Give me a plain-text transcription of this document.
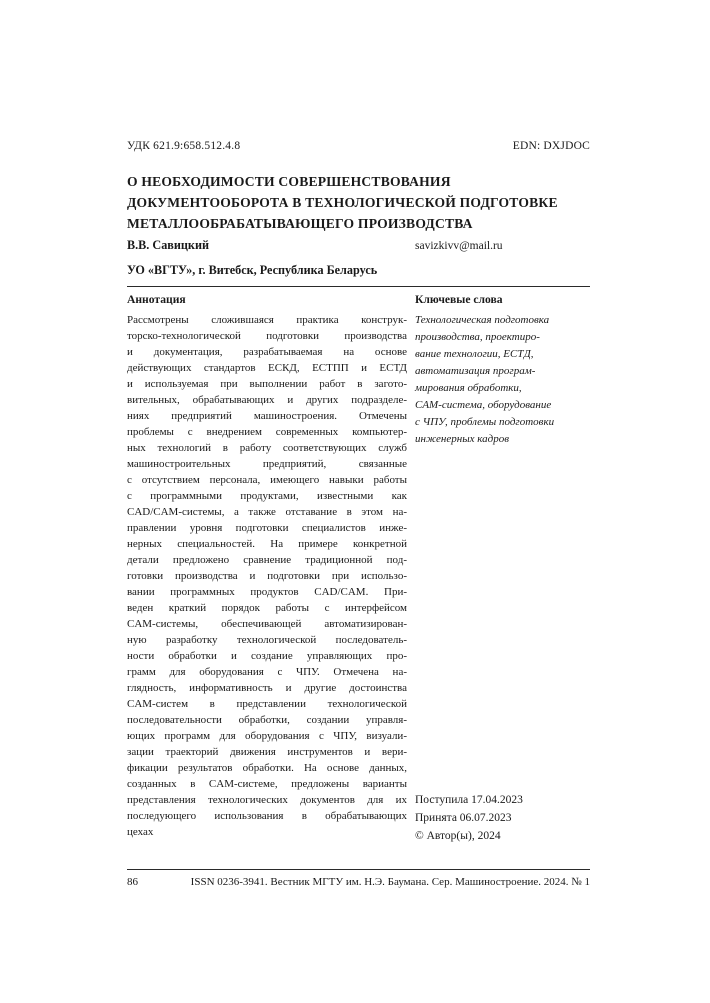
УДК 621.9:658.512.4.8	EDN: DXJDOC
О НЕОБХОДИМОСТИ СОВЕРШЕНСТВОВАНИЯ
ДОКУМЕНТООБОРОТА В ТЕХНОЛОГИЧЕСКОЙ ПОДГОТОВКЕ
МЕТАЛЛООБРАБАТЫВАЮЩЕГО ПРОИЗВОДСТВА
В.В. Савицкий	savizkivv@mail.ru
УО «ВГТУ», г. Витебск, Республика Беларусь
Аннотация	Ключевые слова
Рассмотрены сложившаяся практика конструк-
торско-технологической подготовки производства
и документация, разрабатываемая на основе
действующих стандартов ЕСКД, ЕСТПП и ЕСТД
и используемая при выполнении работ в загото-
вительных, обрабатывающих и других подразделе-
ниях предприятий машиностроения. Отмечены
проблемы с внедрением современных компьютер-
ных технологий в работу соответствующих служб
машиностроительных предприятий, связанные
с отсутствием персонала, имеющего навыки работы
с программными продуктами, известными как
CAD/CAM-системы, а также отставание в этом на-
правлении уровня подготовки специалистов инже-
нерных специальностей. На примере конкретной
детали предложено сравнение традиционной под-
готовки производства и подготовки при использо-
вании программных продуктов CAD/CAM. При-
веден краткий порядок работы с интерфейсом
CAM-системы, обеспечивающей автоматизирован-
ную разработку технологической последователь-
ности обработки и создание управляющих про-
грамм для оборудования с ЧПУ. Отмечена на-
глядность, информативность и другие достоинства
CAM-систем в представлении технологической
последовательности обработки, создании управля-
ющих программ для оборудования с ЧПУ, визуали-
зации траекторий движения инструментов и вери-
фикации результатов обработки. На основе данных,
созданных в CAM-системе, предложены варианты
представления технологических документов для их
последующего использования в обрабатывающих
цехах
Технологическая подготовка
производства, проектиро-
вание технологии, ЕСТД,
автоматизация програм-
мирования обработки,
CAM-система, оборудование
с ЧПУ, проблемы подготовки
инженерных кадров
Поступила 17.04.2023
Принята 06.07.2023
© Автор(ы), 2024
86	ISSN 0236-3941. Вестник МГТУ им. Н.Э. Баумана. Сер. Машиностроение. 2024. № 1
